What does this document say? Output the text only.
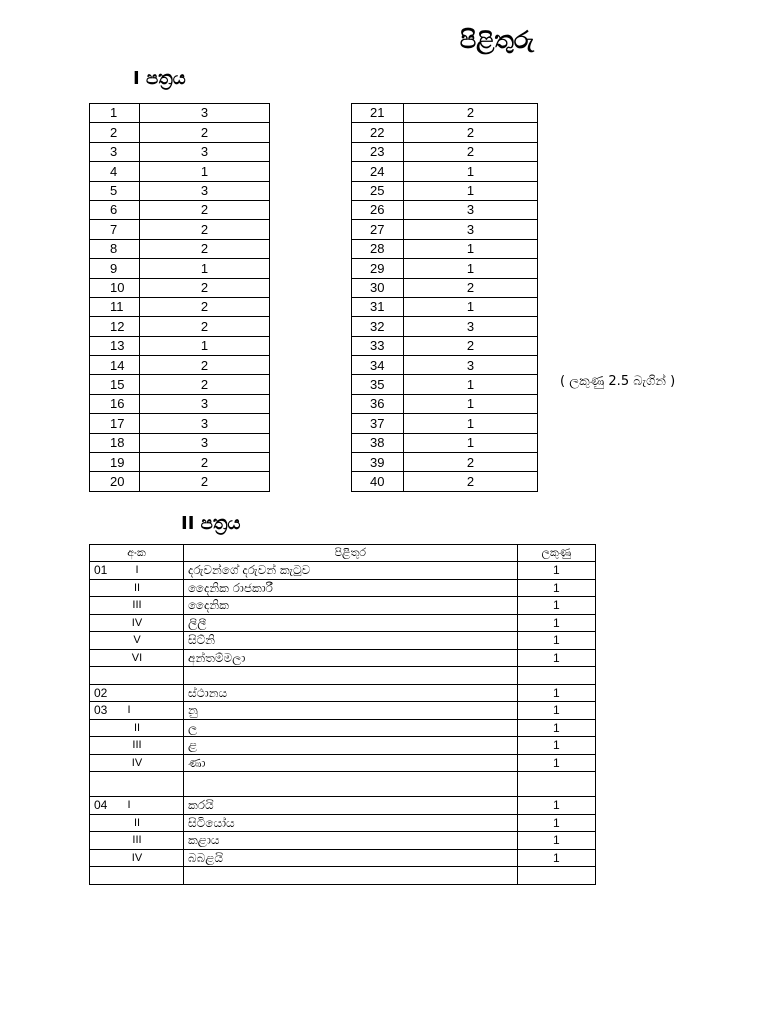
පිළිතුරු
I පත්‍රය
1	3
2	2
3	3
4	1
5	3
6	2
7	2
8	2
9	1
10	2
11	2
12	2
13	1
14	2
15	2
16	3
17	3
18	3
19	2
20	2
21	2
22	2
23	2
24	1
25	1
26	3
27	3
28	1
29	1
30	2
31	1
32	3
33	2
34	3
35	1
36	1
37	1
38	1
39	2
40	2
( ලකුණු 2.5 බැගින් )
II පත්‍රය
අංක	පිළිතුර	ලකුණු

01 I	දරුවන්ගේ දරුවන් කැටුව	1

II	දෛනික රාජකාරී	1

III	දෛනික	1

IV	ලිලී	1

V	සිට්නි	1

VI	අන්තම්මලා	1

02	ස්ථානය	1

03 I	නු	1

II	ල	1

III	ළ	1

IV	ණා	1

04 I	කරයි	1

II	සිටියෝය	1

III	කළාය	1

IV	බබළයි	1
